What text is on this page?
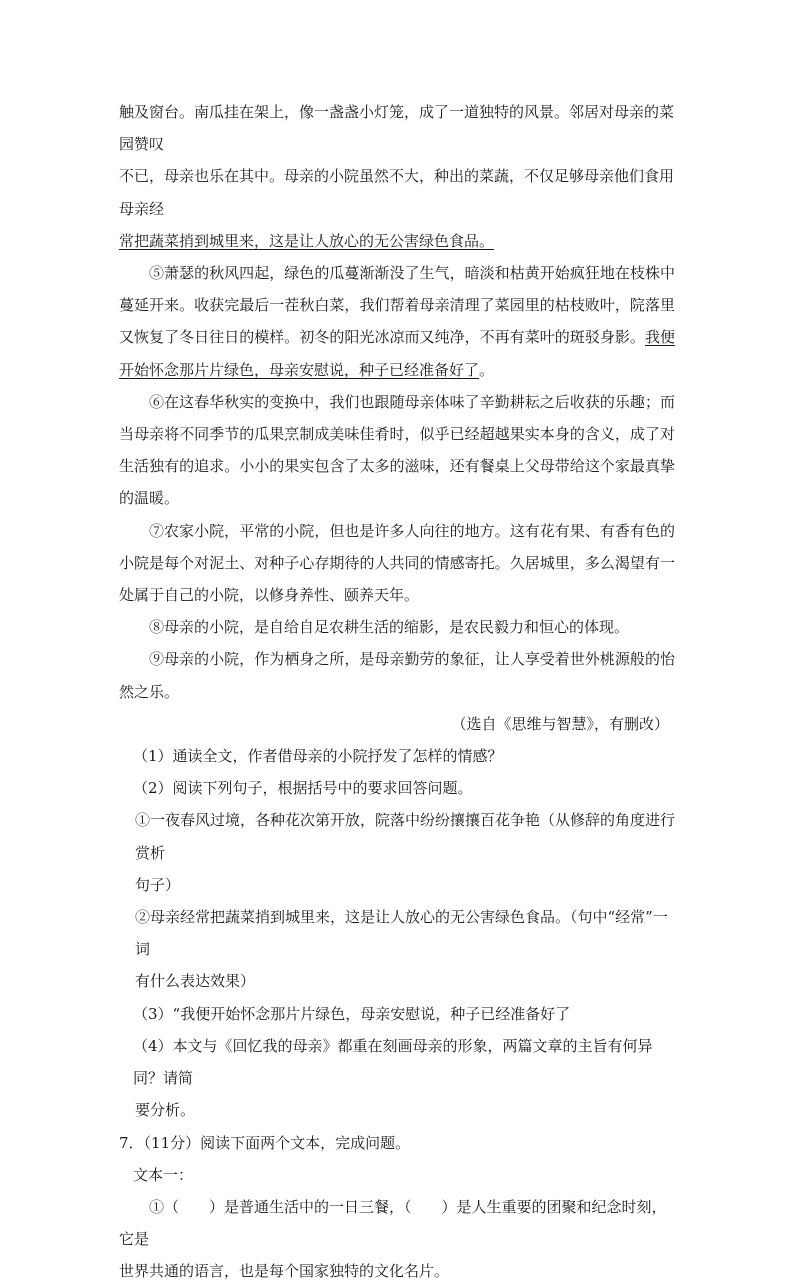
触及窗台。南瓜挂在架上，像一盏盏小灯笼，成了一道独特的风景。邻居对母亲的菜园赞叹
不已，母亲也乐在其中。母亲的小院虽然不大，种出的菜蔬，不仅足够母亲他们食用母亲经
常把蔬菜捎到城里来，这是让人放心的无公害绿色食品。

⑤萧瑟的秋风四起，绿色的瓜蔓渐渐没了生气，暗淡和枯黄开始疯狂地在枝株中蔓延开来。收获完最后一茬秋白菜，我们帮着母亲清理了菜园里的枯枝败叶，院落里又恢复了冬日往日的模样。初冬的阳光冰凉而又纯净，不再有菜叶的斑驳身影。我便开始怀念那片片绿色，母亲安慰说，种子已经准备好了。

⑥在这春华秋实的变换中，我们也跟随母亲体味了辛勤耕耘之后收获的乐趣；而当母亲将不同季节的瓜果烹制成美味佳肴时，似乎已经超越果实本身的含义，成了对生活独有的追求。小小的果实包含了太多的滋味，还有餐桌上父母带给这个家最真挚的温暖。

⑦农家小院，平常的小院，但也是许多人向往的地方。这有花有果、有香有色的小院是每个对泥土、对种子心存期待的人共同的情感寄托。久居城里，多么渴望有一处属于自己的小院，以修身养性、颐养天年。

⑧母亲的小院，是自给自足农耕生活的缩影，是农民毅力和恒心的体现。

⑨母亲的小院，作为栖身之所，是母亲勤劳的象征，让人享受着世外桃源般的怡然之乐。

（选自《思维与智慧》，有删改）
（1）通读全文，作者借母亲的小院抒发了怎样的情感？
（2）阅读下列句子，根据括号中的要求回答问题。
①一夜春风过境，各种花次第开放，院落中纷纷攘攘百花争艳（从修辞的角度进行赏析
句子）
②母亲经常把蔬菜捎到城里来，这是让人放心的无公害绿色食品。（句中“经常”一词
有什么表达效果）
（3）“我便开始怀念那片片绿色，母亲安慰说，种子已经准备好了
（4）本文与《回忆我的母亲》都重在刻画母亲的形象，两篇文章的主旨有何异同？请简
要分析。
7．（11分）阅读下面两个文本，完成问题。
文本一：
①（　　）是普通生活中的一日三餐，（　　）是人生重要的团聚和纪念时刻，它是
世界共通的语言，也是每个国家独特的文化名片。
